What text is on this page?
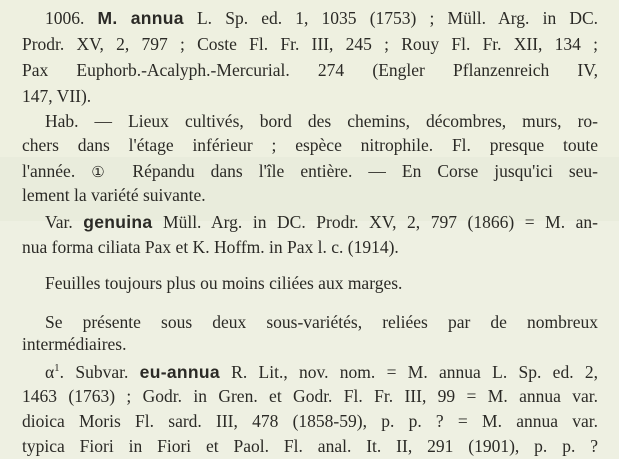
1006. M. annua L. Sp. ed. 1, 1035 (1753) ; Müll. Arg. in DC.
Prodr. XV, 2, 797 ; Coste Fl. Fr. III, 245 ; Rouy Fl. Fr. XII, 134 ;
Pax Euphorb.-Acalyph.-Mercurial. 274 (Engler Pflanzenreich IV,
147, VII).
Hab. — Lieux cultivés, bord des chemins, décombres, murs, ro-
chers dans l'étage inférieur ; espèce nitrophile. Fl. presque toute
l'année. ① Répandu dans l'île entière. — En Corse jusqu'ici seu-
lement la variété suivante.
Var. genuina Müll. Arg. in DC. Prodr. XV, 2, 797 (1866) = M. an-
nua forma ciliata Pax et K. Hoffm. in Pax l. c. (1914).
Feuilles toujours plus ou moins ciliées aux marges.
Se présente sous deux sous-variétés, reliées par de nombreux
intermédiaires.
$\alpha^1$. Subvar. eu-annua R. Lit., nov. nom. = M. annua L. Sp. ed. 2,
1463 (1763) ; Godr. in Gren. et Godr. Fl. Fr. III, 99 = M. annua var.
dioica Moris Fl. sard. III, 478 (1858-59), p. p. ? = M. annua var.
typica Fiori in Fiori et Paol. Fl. anal. It. II, 291 (1901), p. p. ?
